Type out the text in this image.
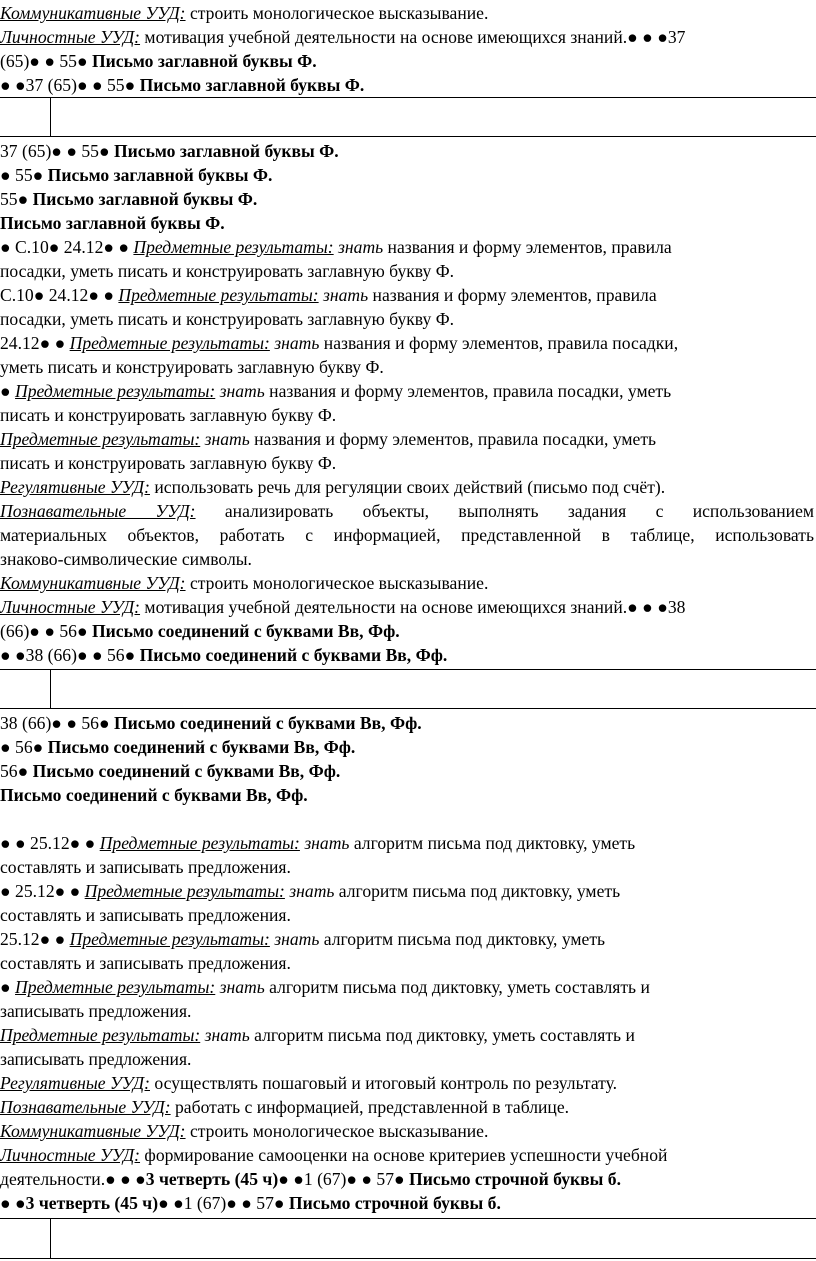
Коммуникативные УУД: строить монологическое высказывание.
Личностные УУД: мотивация учебной деятельности на основе имеющихся знаний.● ● ●37
(65)● ● 55● Письмо заглавной буквы Ф.
● ●37 (65)● ● 55● Письмо заглавной буквы Ф.
37 (65)● ● 55● Письмо заглавной буквы Ф.
● 55● Письмо заглавной буквы Ф.
55● Письмо заглавной буквы Ф.
Письмо заглавной буквы Ф.
● С.10● 24.12● ● Предметные результаты: знать названия и форму элементов, правила
посадки, уметь писать и конструировать заглавную букву Ф.
С.10● 24.12● ● Предметные результаты: знать названия и форму элементов, правила
посадки, уметь писать и конструировать заглавную букву Ф.
24.12● ● Предметные результаты: знать названия и форму элементов, правила посадки,
уметь писать и конструировать заглавную букву Ф.
● Предметные результаты: знать названия и форму элементов, правила посадки, уметь
писать и конструировать заглавную букву Ф.
Предметные результаты: знать названия и форму элементов, правила посадки, уметь
писать и конструировать заглавную букву Ф.
Регулятивные УУД: использовать речь для регуляции своих действий (письмо под счёт).
Познавательные УУД: анализировать объекты, выполнять задания с использованием
материальных объектов, работать с информацией, представленной в таблице, использовать
знаково-символические символы.
Коммуникативные УУД: строить монологическое высказывание.
Личностные УУД: мотивация учебной деятельности на основе имеющихся знаний.● ● ●38
(66)● ● 56● Письмо соединений с буквами Вв, Фф.
● ●38 (66)● ● 56● Письмо соединений с буквами Вв, Фф.
38 (66)● ● 56● Письмо соединений с буквами Вв, Фф.
● 56● Письмо соединений с буквами Вв, Фф.
56● Письмо соединений с буквами Вв, Фф.
Письмо соединений с буквами Вв, Фф.
● ● 25.12● ● Предметные результаты: знать алгоритм письма под диктовку, уметь
составлять и записывать предложения.
● 25.12● ● Предметные результаты: знать алгоритм письма под диктовку, уметь
составлять и записывать предложения.
25.12● ● Предметные результаты: знать алгоритм письма под диктовку, уметь
составлять и записывать предложения.
● Предметные результаты: знать алгоритм письма под диктовку, уметь составлять и
записывать предложения.
Предметные результаты: знать алгоритм письма под диктовку, уметь составлять и
записывать предложения.
Регулятивные УУД: осуществлять пошаговый и итоговый контроль по результату.
Познавательные УУД: работать с информацией, представленной в таблице.
Коммуникативные УУД: строить монологическое высказывание.
Личностные УУД: формирование самооценки на основе критериев успешности учебной
деятельности.● ● ●3 четверть (45 ч)● ●1 (67)● ● 57● Письмо строчной буквы б.
● ●3 четверть (45 ч)● ●1 (67)● ● 57● Письмо строчной буквы б.
